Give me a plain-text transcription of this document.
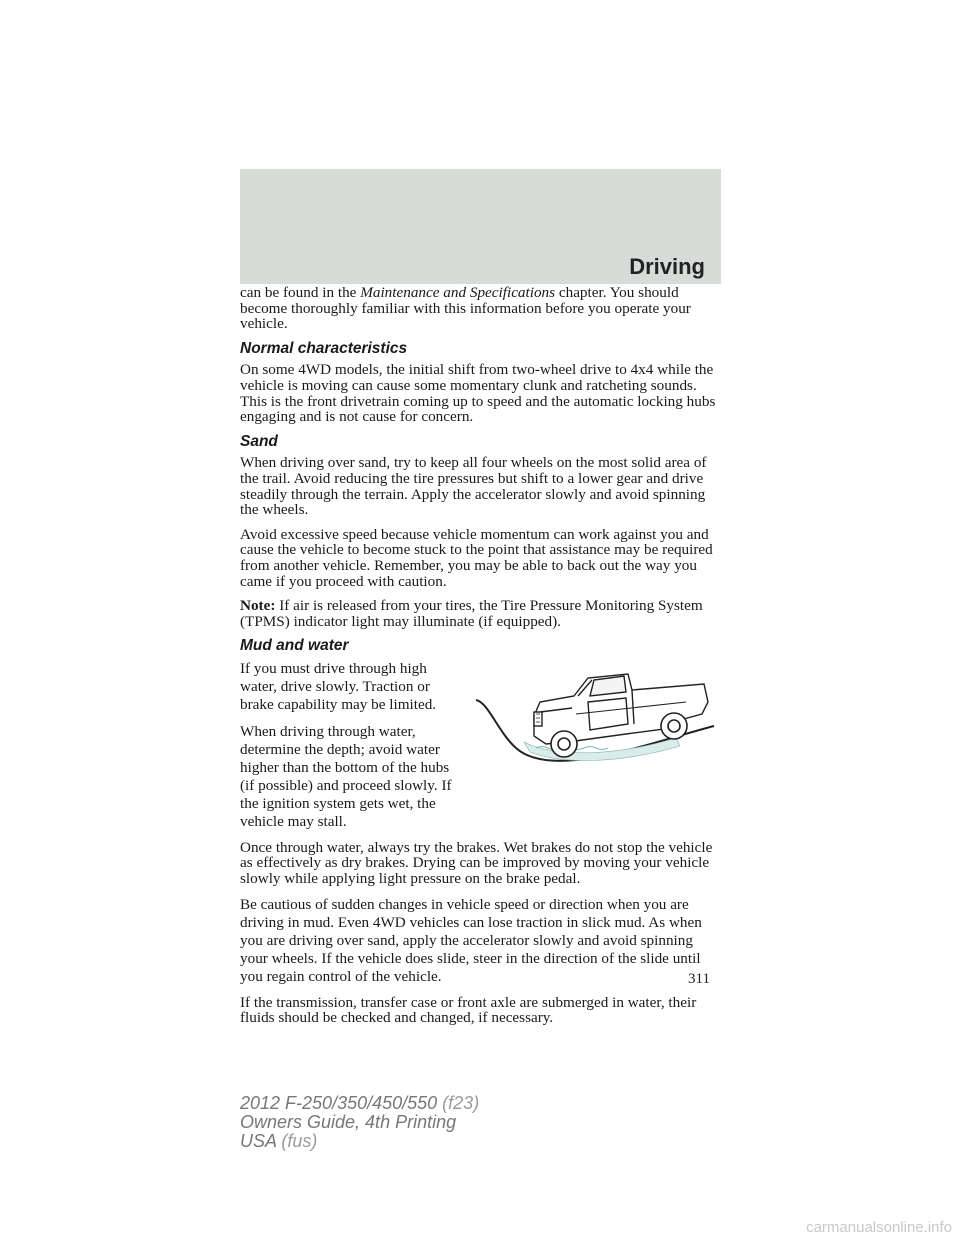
Driving

can be found in the Maintenance and Specifications chapter. You should become thoroughly familiar with this information before you operate your vehicle.

Normal characteristics

On some 4WD models, the initial shift from two-wheel drive to 4x4 while the vehicle is moving can cause some momentary clunk and ratcheting sounds. This is the front drivetrain coming up to speed and the automatic locking hubs engaging and is not cause for concern.

Sand

When driving over sand, try to keep all four wheels on the most solid area of the trail. Avoid reducing the tire pressures but shift to a lower gear and drive steadily through the terrain. Apply the accelerator slowly and avoid spinning the wheels.

Avoid excessive speed because vehicle momentum can work against you and cause the vehicle to become stuck to the point that assistance may be required from another vehicle. Remember, you may be able to back out the way you came if you proceed with caution.

Note: If air is released from your tires, the Tire Pressure Monitoring System (TPMS) indicator light may illuminate (if equipped).

Mud and water

If you must drive through high water, drive slowly. Traction or brake capability may be limited.

When driving through water, determine the depth; avoid water higher than the bottom of the hubs (if possible) and proceed slowly. If the ignition system gets wet, the vehicle may stall.

Once through water, always try the brakes. Wet brakes do not stop the vehicle as effectively as dry brakes. Drying can be improved by moving your vehicle slowly while applying light pressure on the brake pedal.

Be cautious of sudden changes in vehicle speed or direction when you are driving in mud. Even 4WD vehicles can lose traction in slick mud. As when you are driving over sand, apply the accelerator slowly and avoid spinning your wheels. If the vehicle does slide, steer in the direction of the slide until you regain control of the vehicle.

If the transmission, transfer case or front axle are submerged in water, their fluids should be checked and changed, if necessary.

311
2012 F-250/350/450/550 (f23)
Owners Guide, 4th Printing
USA (fus)
carmanualsonline.info
